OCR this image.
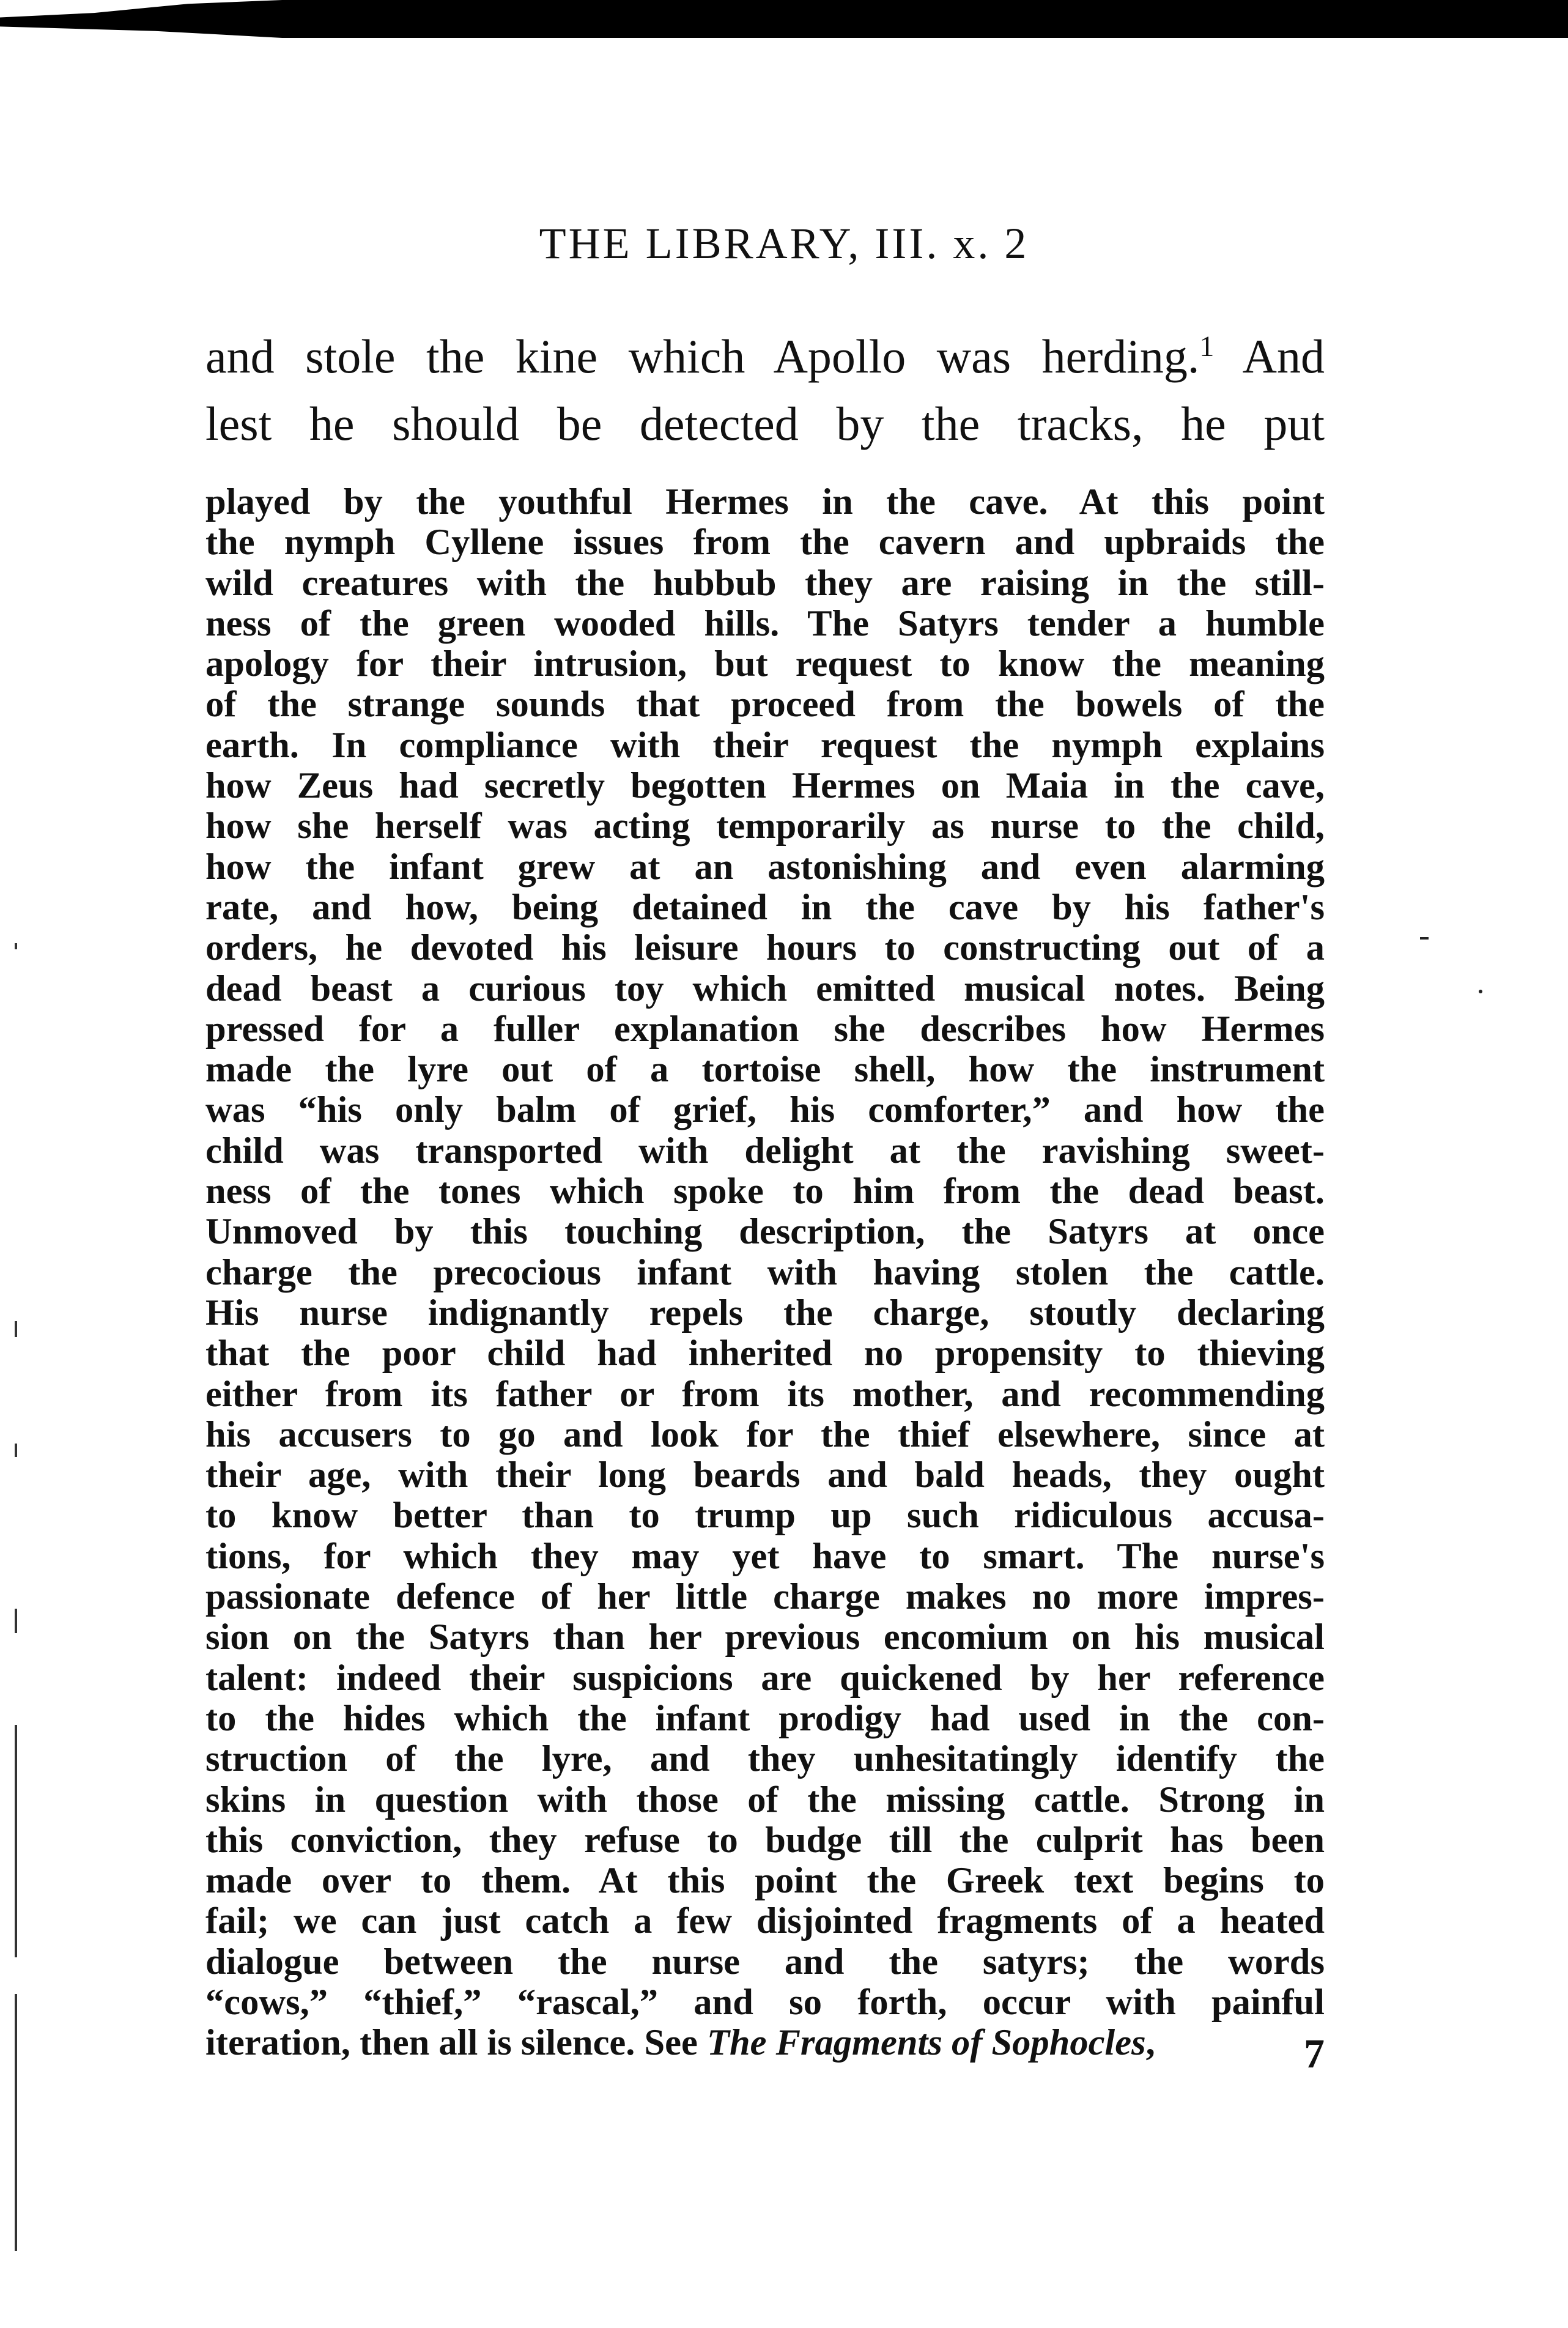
THE LIBRARY, III. x. 2
and stole the kine which Apollo was herding.$^1$ And
lest he should be detected by the tracks, he put
played by the youthful Hermes in the cave. At this point
the nymph Cyllene issues from the cavern and upbraids the
wild creatures with the hubbub they are raising in the still-
ness of the green wooded hills. The Satyrs tender a humble
apology for their intrusion, but request to know the meaning
of the strange sounds that proceed from the bowels of the
earth. In compliance with their request the nymph explains
how Zeus had secretly begotten Hermes on Maia in the cave,
how she herself was acting temporarily as nurse to the child,
how the infant grew at an astonishing and even alarming
rate, and how, being detained in the cave by his father's
orders, he devoted his leisure hours to constructing out of a
dead beast a curious toy which emitted musical notes. Being
pressed for a fuller explanation she describes how Hermes
made the lyre out of a tortoise shell, how the instrument
was “his only balm of grief, his comforter,” and how the
child was transported with delight at the ravishing sweet-
ness of the tones which spoke to him from the dead beast.
Unmoved by this touching description, the Satyrs at once
charge the precocious infant with having stolen the cattle.
His nurse indignantly repels the charge, stoutly declaring
that the poor child had inherited no propensity to thieving
either from its father or from its mother, and recommending
his accusers to go and look for the thief elsewhere, since at
their age, with their long beards and bald heads, they ought
to know better than to trump up such ridiculous accusa-
tions, for which they may yet have to smart. The nurse's
passionate defence of her little charge makes no more impres-
sion on the Satyrs than her previous encomium on his musical
talent: indeed their suspicions are quickened by her reference
to the hides which the infant prodigy had used in the con-
struction of the lyre, and they unhesitatingly identify the
skins in question with those of the missing cattle. Strong in
this conviction, they refuse to budge till the culprit has been
made over to them. At this point the Greek text begins to
fail; we can just catch a few disjointed fragments of a heated
dialogue between the nurse and the satyrs; the words
“cows,” “thief,” “rascal,” and so forth, occur with painful
iteration, then all is silence. See The Fragments of Sophocles,	7
